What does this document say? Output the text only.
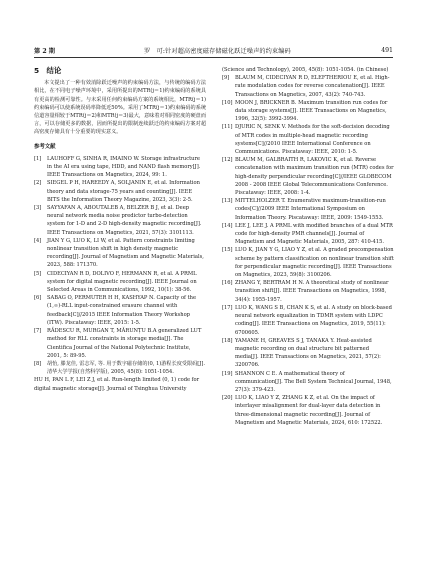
第 2 期	罗　可:针对超高密度磁存储磁化跃迁噪声的约束编码	491
5　结论

本文提出了一种有效消除跃迁噪声的约束编码方法，与传统的编码方法相比，在不同电子噪声环境中，采用所提出的MTR(j＝1)约束编码的系统具有更高的检测可靠性。与未采用任何约束编码方案的系统相比，MTR(j＝1)约束编码可以使系统误码率降低近50%。采用了MTR(j＝1)约束编码的系统信道容量相较于MTR(j＝2)和MTR(j＝3)最大，意味着对相同密度的硬盘而言，可以存储更多的数据，因而所提出的限制连续跃迁的约束编码方案对超高密度存储具有十分重要的现实意义。

参考文献
[1]	LAUHOFF G, SINHA R, IMAINO W. Storage infrastructure in the AI era using tape, HDD, and NAND flash memory[J]. IEEE Transactions on Magnetics, 2024, 99: 1.
[2]	SIEGEL P H, HAREEDY A, SOLJANIN E, et al. Information theory and data storage-75 years and counting[J]. IEEE BITS the Information Theory Magazine, 2023, 3(3): 2-5.
[3]	SAYYAFAN A, ABOUTALEB A, BELZER B J, et al. Deep neural network media noise predictor turbo-detection system for 1-D and 2-D high-density magnetic recording[J]. IEEE Transactions on Magnetics, 2021, 57(3): 3101113.
[4]	JIAN Y G, LUO K, LI W, et al. Pattern constraints limiting nonlinear transition shift in high density magnetic recording[J]. Journal of Magnetism and Magnetic Materials, 2023, 588: 171370.
[5]	CIDECIYAN R D, DOLIVO F, HERMANN R, et al. A PRML system for digital magnetic recording[J]. IEEE Journal on Selected Areas in Communications, 1992, 10(1): 38-56.
[6]	SABAG O, PERMUTER H H, KASHYAP N. Capacity of the (1,∞)-RLL input-constrained erasure channel with feedback[C]//2015 IEEE Information Theory Workshop (ITW). Piscataway: IEEE, 2015: 1-5.
[7]	RĂDESCU R, MURGAN T, MĂRUNȚU B.A generalized LUT method for RLL constraints in storage media[J]. The Cientifica Journal of the National Polytechnic Institute, 2001, 5: 89-95.
[8]	胡怡, 滕龙佳, 雷志军, 等. 用于数字磁存储的(0, 1)游程长度受限码[J]. 清华大学学报(自然科学版), 2005, 45(8): 1051-1054.

HU H, PAN L F, LEI Z J, et al. Run-length limited (0, 1) code for digital magnetic storage[J]. Journal of Tsinghua University

(Science and Technology), 2005, 45(8): 1051-1054. (in Chinese)

[9]	BLAUM M, CIDECIYAN R D, ELEFTHERIOU E, et al. High-rate modulation codes for reverse concatenation[J]. IEEE Transactions on Magnetics, 2007, 43(2): 740-743.
[10] MOON J, BRICKNER B. Maximum transition run codes for data storage systems[J]. IEEE Transactions on Magnetics, 1996, 32(5): 3992-3994.
[11] DJURIC N, SENK V. Methods for the soft-decision decoding of MTR codes in multiple-head magnetic recording systems[C]//2010 IEEE International Conference on Communications. Piscataway: IEEE, 2010: 1-5.
[12] BLAUM M, GALBRAITH R, LAKOVIC K, et al. Reverse concatenation with maximum transition run (MTR) codes for high-density perpendicular recording[C]//IEEE GLOBECOM 2008 - 2008 IEEE Global Telecommunications Conference. Piscataway: IEEE, 2008: 1-4.
[13] MITTELHOLZER T. Enumerative maximum-transition-run codes[C]//2009 IEEE International Symposium on Information Theory. Piscataway: IEEE, 2009: 1549-1553.
[14] LEE J, LEE J. A PRML with modified branches of a dual MTR code for high-density PMR channels[J]. Journal of Magnetism and Magnetic Materials, 2005, 287: 410-415.
[15] LUO K, JIAN Y G, LIAO Y Z, et al. A graded precompensation scheme by pattern classification on nonlinear transition shift for perpendicular magnetic recording[J]. IEEE Transactions on Magnetics, 2023, 59(8): 3100206.
[16] ZHANG Y, BERTRAM H N. A theoretical study of nonlinear transition shift[J]. IEEE Transactions on Magnetics, 1998, 34(4): 1955-1957.
[17] LUO K, WANG S B, CHAN K S, et al. A study on block-based neural network equalization in TDMR system with LDPC coding[J]. IEEE Transactions on Magnetics, 2019, 55(11): 6700605.
[18] YAMANE H, GREAVES S J, TANAKA Y. Heat-assisted magnetic recording on dual structure bit patterned media[J]. IEEE Transactions on Magnetics, 2021, 57(2): 3200706.
[19] SHANNON C E. A mathematical theory of communication[J]. The Bell System Technical Journal, 1948, 27(3): 379-423.
[20] LUO K, LIAO Y Z, ZHANG K Z, et al. On the impact of interlayer misalignment for dual-layer data detection in three-dimensional magnetic recording[J]. Journal of Magnetism and Magnetic Materials, 2024, 610: 172522.
